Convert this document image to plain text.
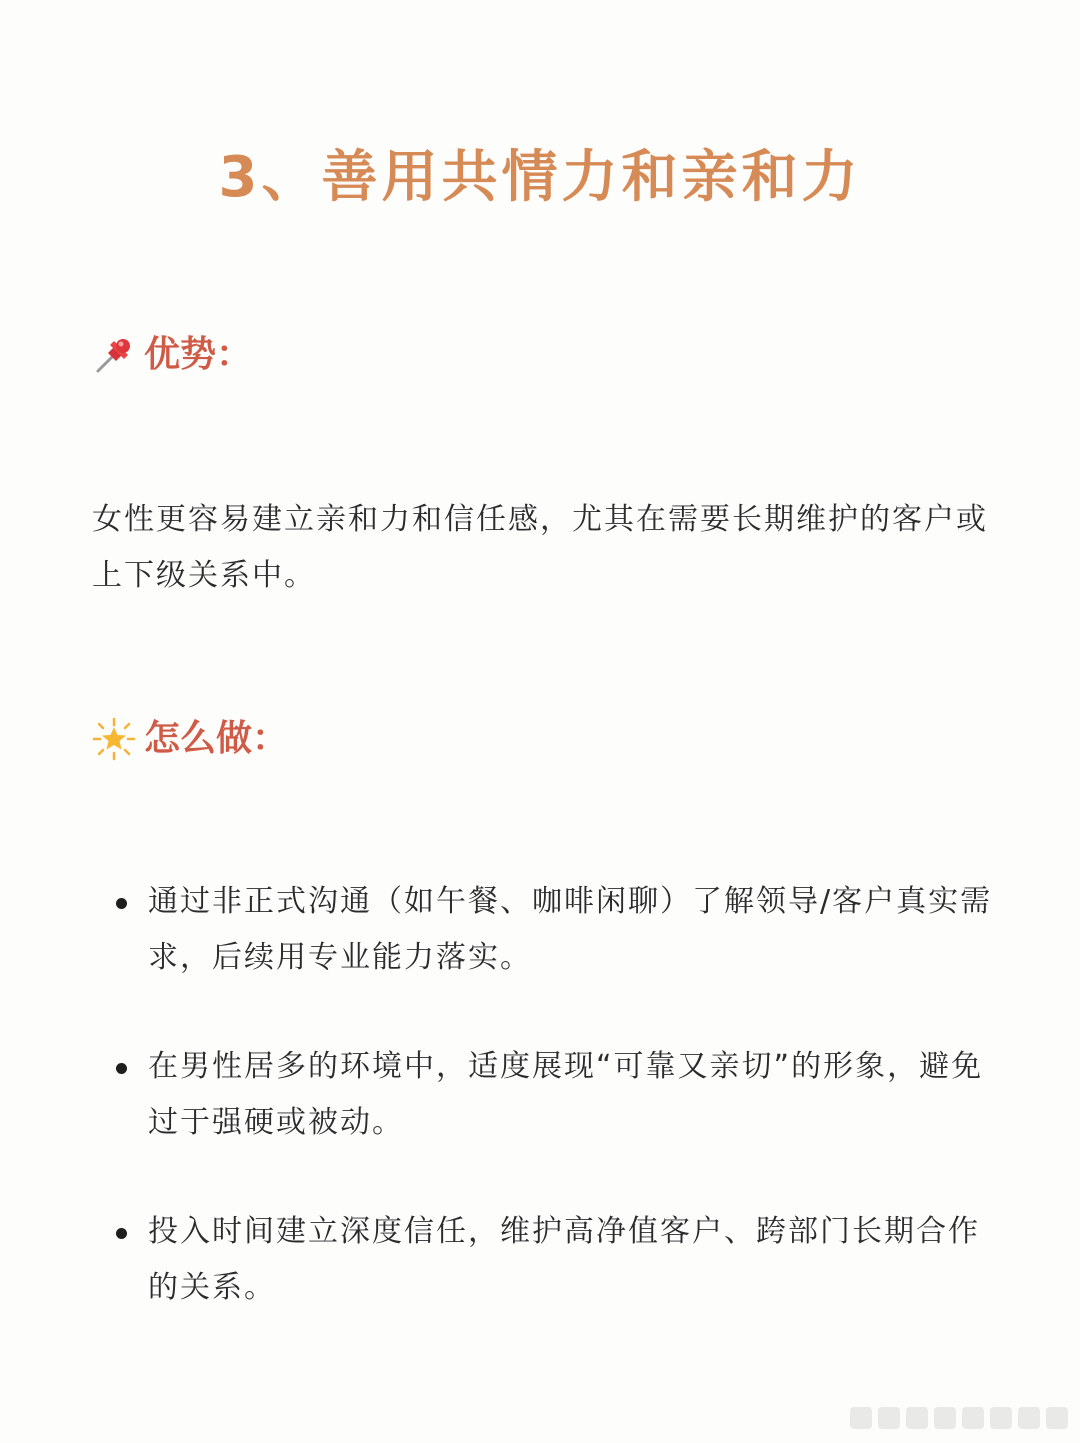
3、善用共情力和亲和力
优势：
女性更容易建立亲和力和信任感，尤其在需要长期维护的客户或上下级关系中。
怎么做：
通过非正式沟通（如午餐、咖啡闲聊）了解领导/客户真实需求，后续用专业能力落实。
在男性居多的环境中，适度展现“可靠又亲切”的形象，避免过于强硬或被动。
投入时间建立深度信任，维护高净值客户、跨部门长期合作的关系。
